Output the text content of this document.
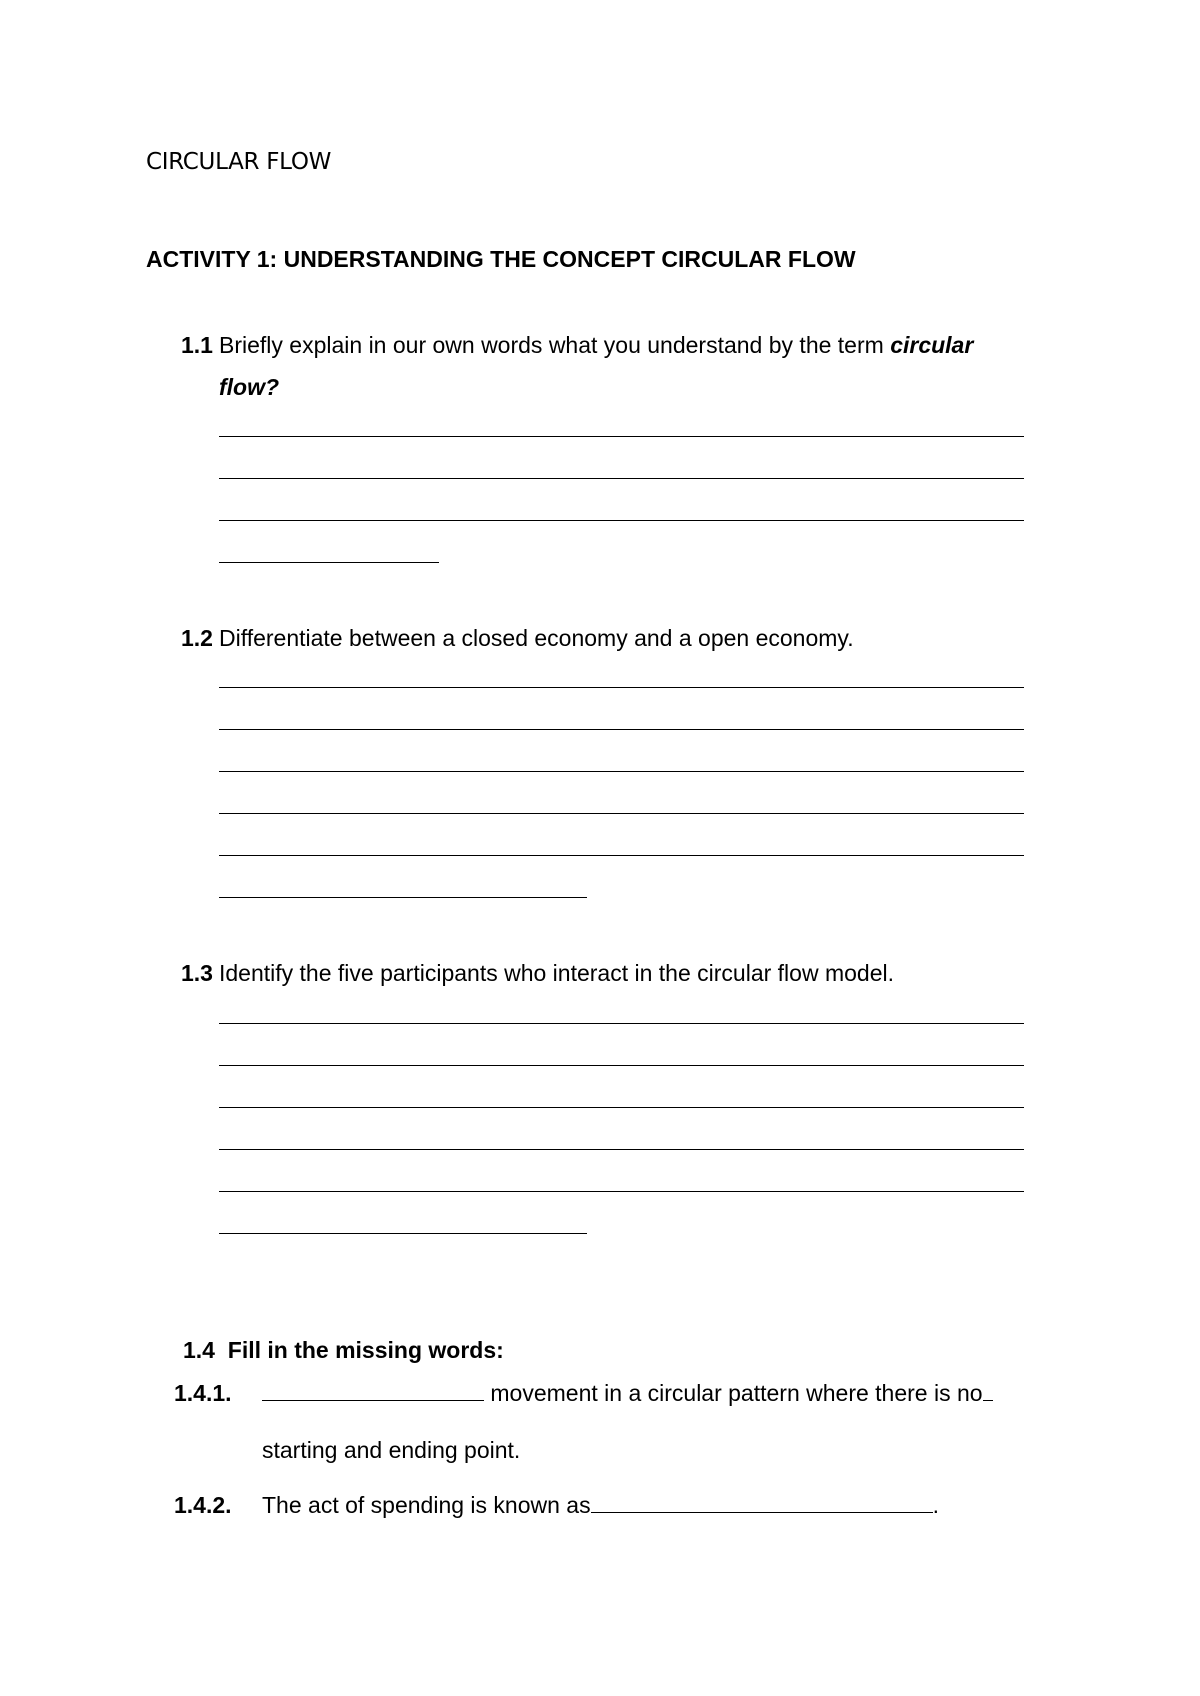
CIRCULAR FLOW
ACTIVITY 1: UNDERSTANDING THE CONCEPT CIRCULAR FLOW
1.1 Briefly explain in our own words what you understand by the term circular
flow?
1.2 Differentiate between a closed economy and a open economy.
1.3 Identify the five participants who interact in the circular flow model.
1.4 Fill in the missing words:
1.4.1.	movement in a circular pattern where there is no
starting and ending point.
1.4.2. The act of spending is known as	.
